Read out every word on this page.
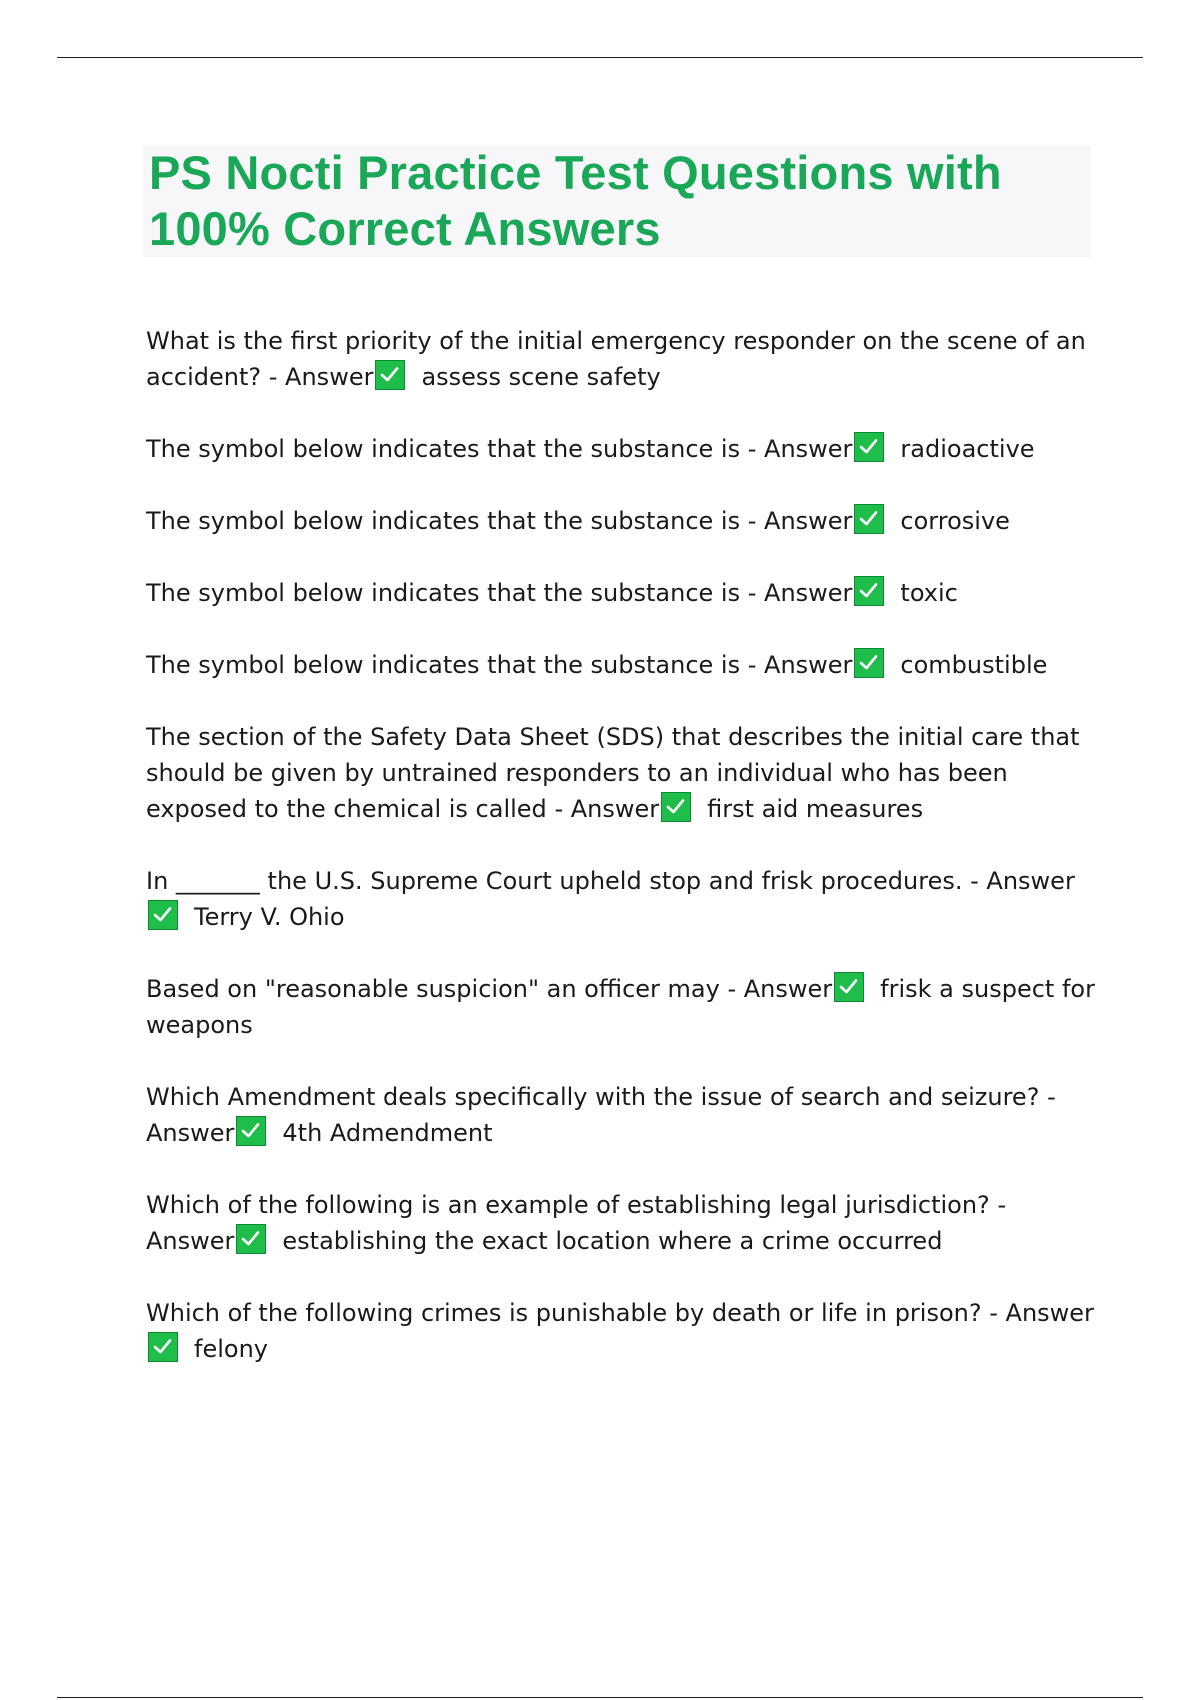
PS Nocti Practice Test Questions with 100% Correct Answers

What is the first priority of the initial emergency responder on the scene of an accident? - Answer assess scene safety

The symbol below indicates that the substance is - Answer radioactive

The symbol below indicates that the substance is - Answer corrosive

The symbol below indicates that the substance is - Answer toxic

The symbol below indicates that the substance is - Answer combustible

The section of the Safety Data Sheet (SDS) that describes the initial care that should be given by untrained responders to an individual who has been exposed to the chemical is called - Answer first aid measures

In _______ the U.S. Supreme Court upheld stop and frisk procedures. - Answer
Terry V. Ohio

Based on "reasonable suspicion" an officer may - Answer frisk a suspect for weapons

Which Amendment deals specifically with the issue of search and seizure? - Answer 4th Admendment

Which of the following is an example of establishing legal jurisdiction? - Answer establishing the exact location where a crime occurred

Which of the following crimes is punishable by death or life in prison? - Answer
felony
